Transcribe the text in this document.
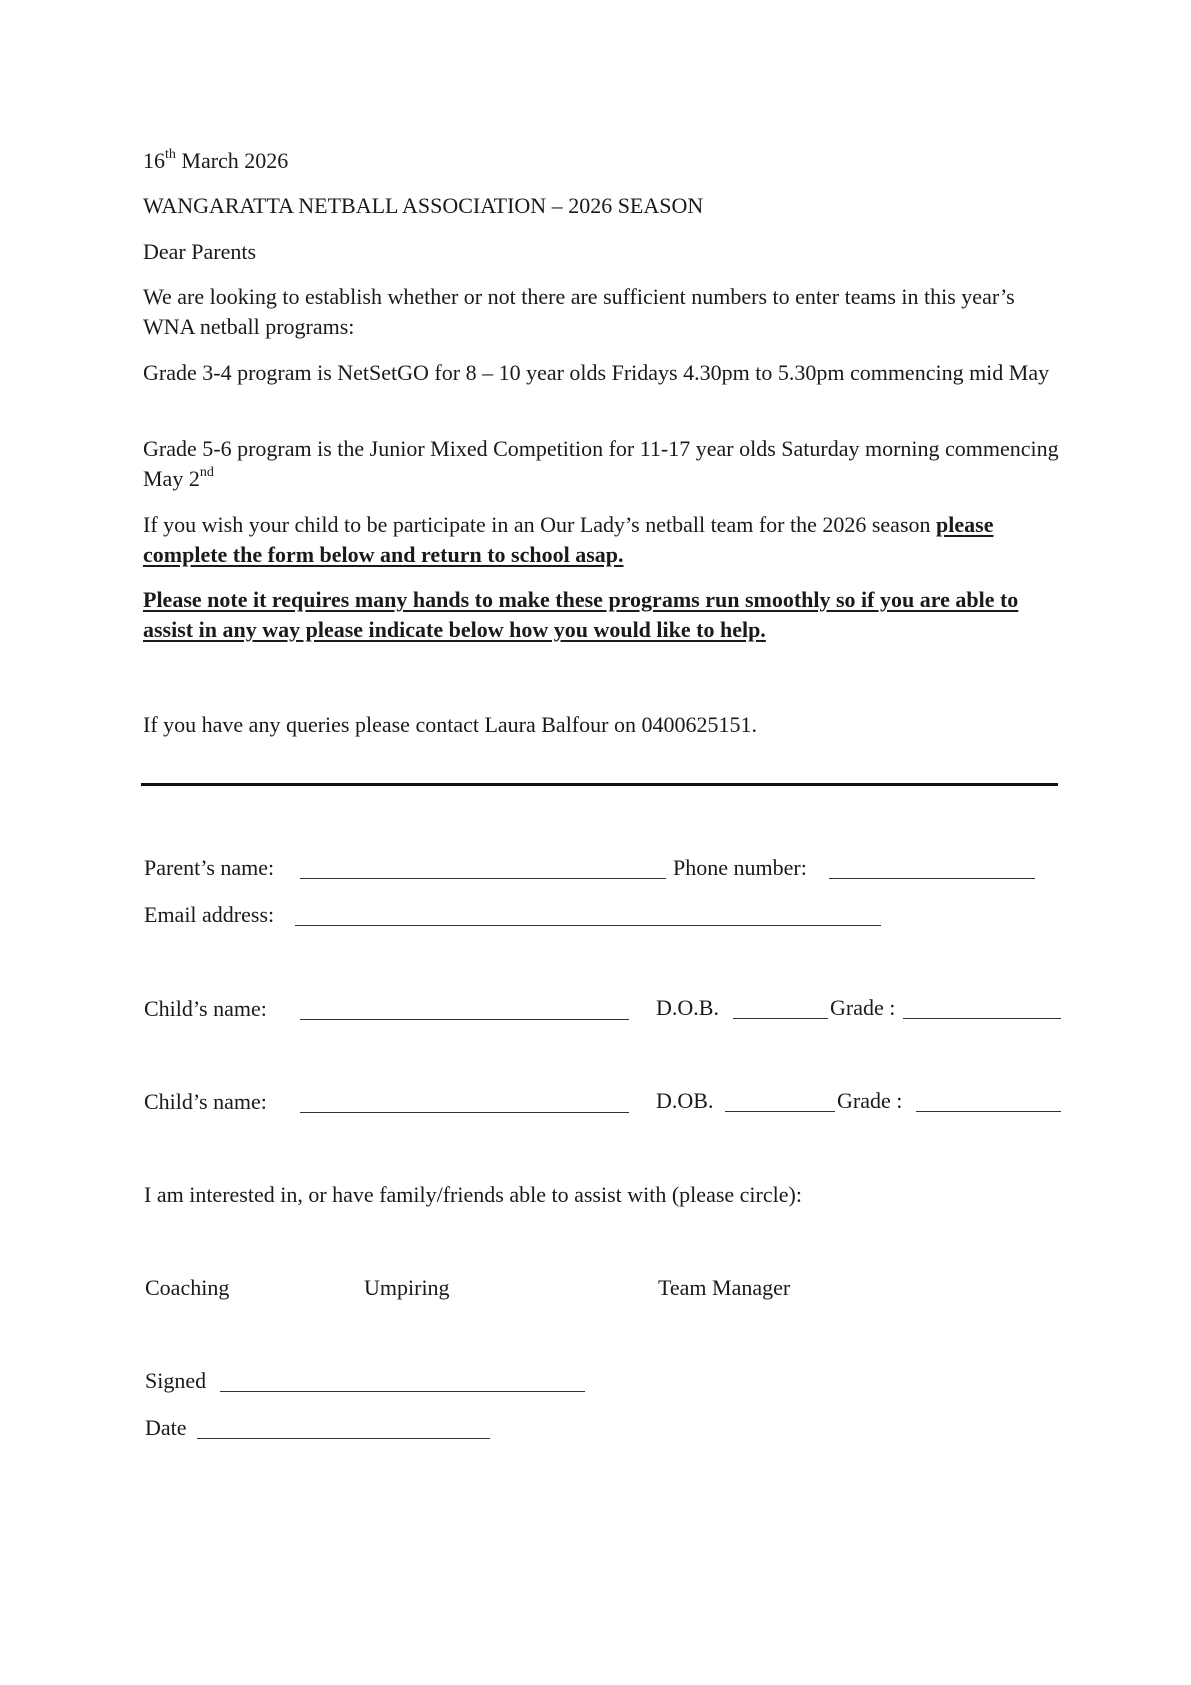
16th March 2026
WANGARATTA NETBALL ASSOCIATION – 2026 SEASON
Dear Parents
We are looking to establish whether or not there are sufficient numbers to enter teams in this year’s WNA netball programs:
Grade 3-4 program is NetSetGO for 8 – 10 year olds Fridays 4.30pm to 5.30pm commencing mid May
Grade 5-6 program is the Junior Mixed Competition for 11-17 year olds Saturday morning commencing May 2nd
If you wish your child to be participate in an Our Lady’s netball team for the 2026 season please complete the form below and return to school asap.
Please note it requires many hands to make these programs run smoothly so if you are able to assist in any way please indicate below how you would like to help.
If you have any queries please contact Laura Balfour on 0400625151.
Parent’s name:	Phone number:
Email address:
Child’s name:	D.O.B.	Grade :
Child’s name:	D.OB.	Grade :
I am interested in, or have family/friends able to assist with (please circle):
Coaching	Umpiring	Team Manager
Signed
Date
